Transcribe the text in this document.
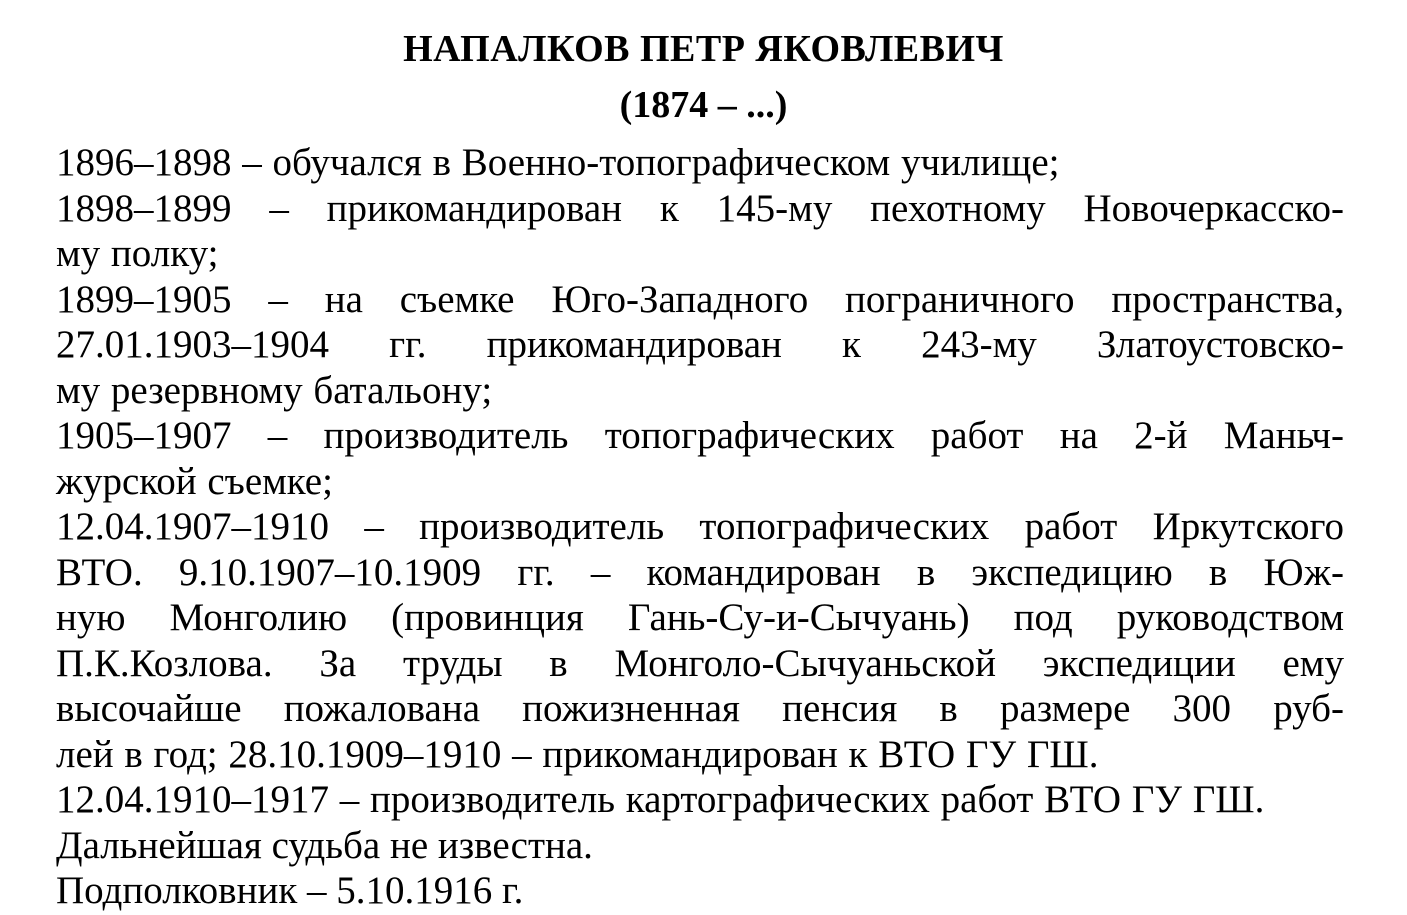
НАПАЛКОВ ПЕТР ЯКОВЛЕВИЧ
(1874 – ...)
1896–1898 – обучался в Военно-топографическом училище;
1898–1899 – прикомандирован к 145-му пехотному Новочеркасско-
му полку;
1899–1905 – на съемке Юго-Западного пограничного пространства,
27.01.1903–1904 гг. прикомандирован к 243-му Златоустовско-
му резервному батальону;
1905–1907 – производитель топографических работ на 2-й Маньч-
журской съемке;
12.04.1907–1910 – производитель топографических работ Иркутского
ВТО. 9.10.1907–10.1909 гг. – командирован в экспедицию в Юж-
ную Монголию (провинция Гань-Су-и-Сычуань) под руководством
П.К.Козлова. За труды в Монголо-Сычуаньской экспедиции ему
высочайше пожалована пожизненная пенсия в размере 300 руб-
лей в год; 28.10.1909–1910 – прикомандирован к ВТО ГУ ГШ.
12.04.1910–1917 – производитель картографических работ ВТО ГУ ГШ.

Дальнейшая судьба не известна.

Подполковник – 5.10.1916 г.
